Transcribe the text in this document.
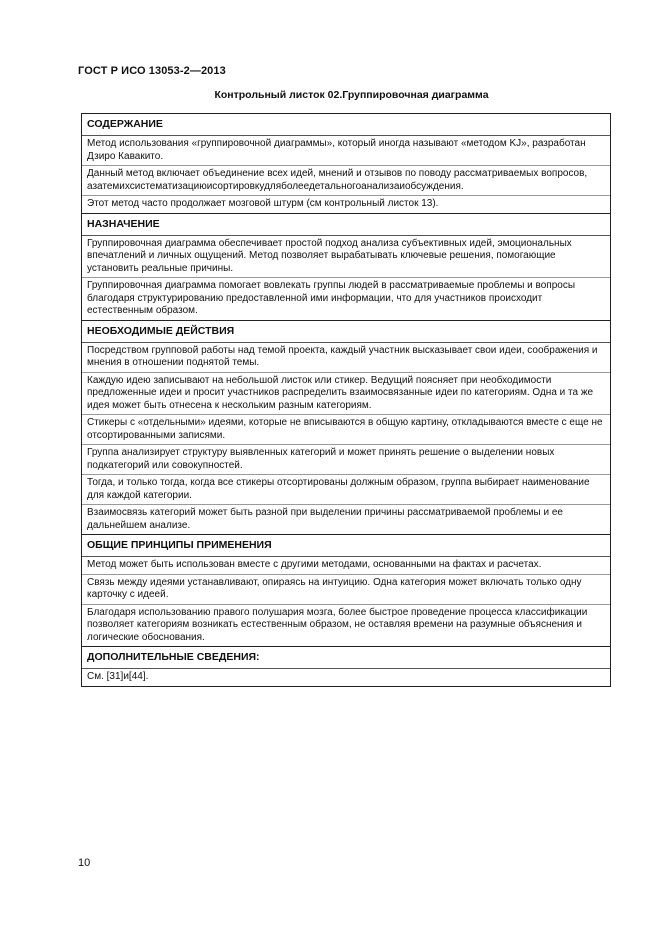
ГОСТ Р ИСО 13053-2—2013
Контрольный листок 02.Группировочная диаграмма
СОДЕРЖАНИЕ
Метод использования «группировочной диаграммы», который иногда называют «методом KJ», разработан Дзиро Кавакито.
Данный метод включает объединение всех идей, мнений и отзывов по поводу рассматриваемых вопросов, азатемихсистематизациюисортировкудляболеедетальногоанализаиобсуждения.
Этот метод часто продолжает мозговой штурм (см контрольный листок 13).
НАЗНАЧЕНИЕ
Группировочная диаграмма обеспечивает простой подход анализа субъективных идей, эмоциональных впечатлений и личных ощущений. Метод позволяет вырабатывать ключевые решения, помогающие установить реальные причины.
Группировочная диаграмма помогает вовлекать группы людей в рассматриваемые проблемы и вопросы благодаря структурированию предоставленной ими информации, что для участников происходит естественным образом.
НЕОБХОДИМЫЕ ДЕЙСТВИЯ
Посредством групповой работы над темой проекта, каждый участник высказывает свои идеи, соображения и мнения в отношении поднятой темы.
Каждую идею записывают на небольшой листок или стикер. Ведущий поясняет при необходимости предложенные идеи и просит участников распределить взаимосвязанные идеи по категориям. Одна и та же идея может быть отнесена к нескольким разным категориям.
Стикеры с «отдельными» идеями, которые не вписываются в общую картину, откладываются вместе с еще не отсортированными записями.
Группа анализирует структуру выявленных категорий и может принять решение о выделении новых подкатегорий или совокупностей.
Тогда, и только тогда, когда все стикеры отсортированы должным образом, группа выбирает наименование для каждой категории.
Взаимосвязь категорий может быть разной при выделении причины рассматриваемой проблемы и ее дальнейшем анализе.
ОБЩИЕ ПРИНЦИПЫ ПРИМЕНЕНИЯ
Метод может быть использован вместе с другими методами, основанными на фактах и расчетах.
Связь между идеями устанавливают, опираясь на интуицию. Одна категория может включать только одну карточку с идеей.
Благодаря использованию правого полушария мозга, более быстрое проведение процесса классификации позволяет категориям возникать естественным образом, не оставляя времени на разумные объяснения и логические обоснования.
ДОПОЛНИТЕЛЬНЫЕ СВЕДЕНИЯ:
См. [31]и[44].
10
